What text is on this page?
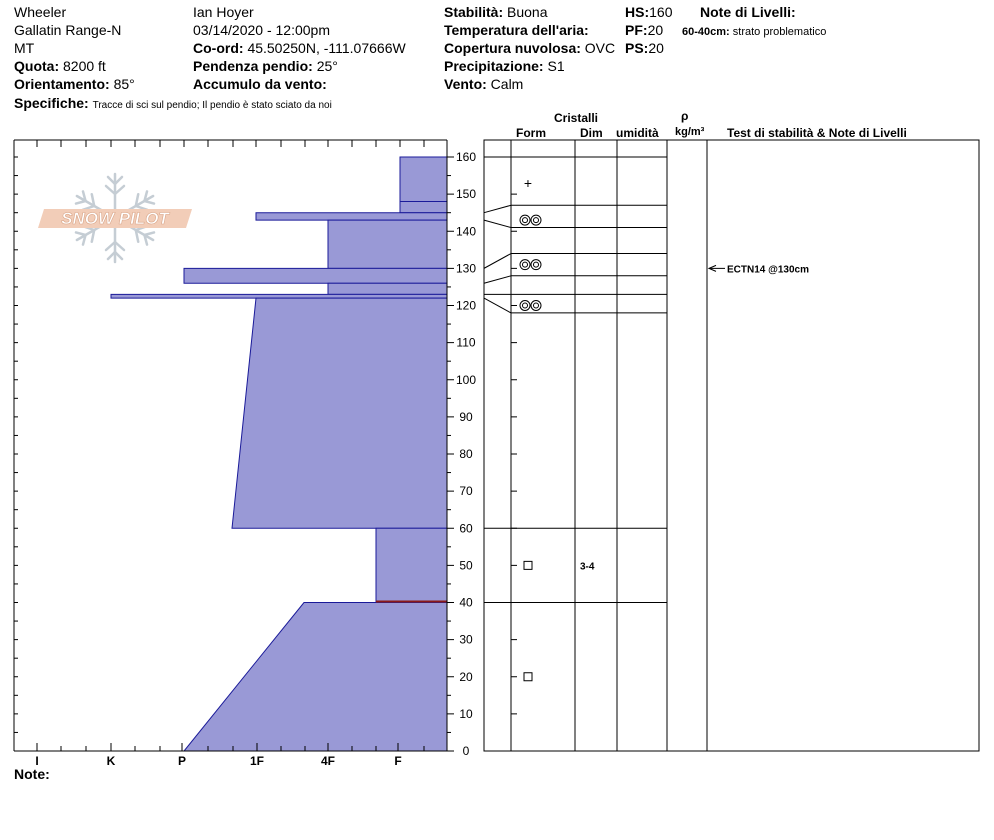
Wheeler
Gallatin Range-N
MT
Quota: 8200 ft
Orientamento: 85°
Specifiche: Tracce di sci sul pendio; Il pendio è stato sciato da noi
Ian Hoyer
03/14/2020 - 12:00pm
Co-ord: 45.50250N, -111.07666W
Pendenza pendio: 25°
Accumulo da vento:
Stabilità: Buona
Temperatura dell'aria:
Copertura nuvolosa: OVC
Precipitazione: S1
Vento: Calm
HS:160
PF:20
PS:20
Note di Livelli:
60-40cm: strato problematico
Cristalli
Form	Dim umidità
ρ
kg/m³ Test di stabilità & Note di Livelli
Note:
SNOW PILOT
0
10
20
30
40
50
60
70
80
90
100
110
120
130
140
150
160
I	K	P	1F	4F	F
+
3-4
ECTN14 @130cm
